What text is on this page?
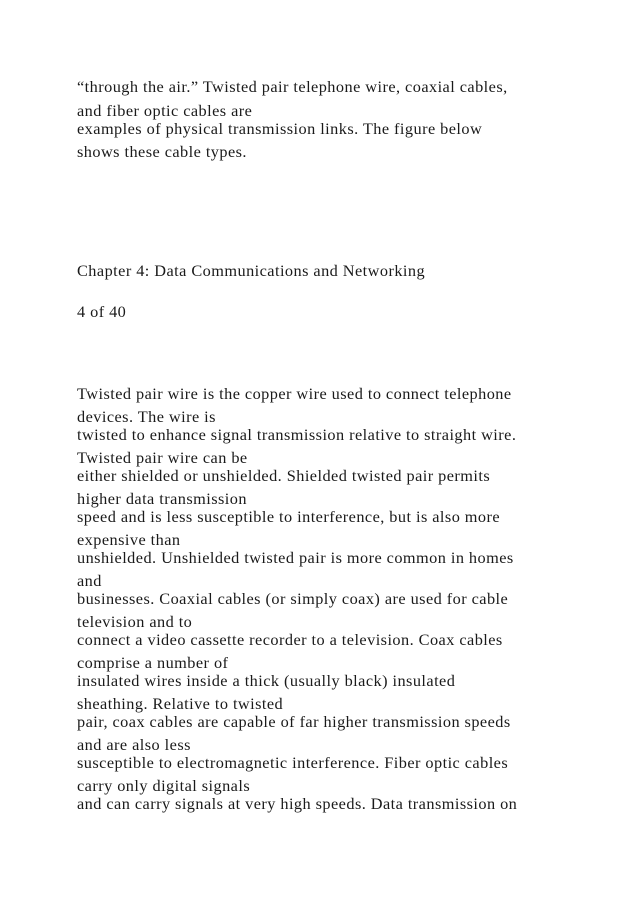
“through the air.” Twisted pair telephone wire, coaxial cables,

and fiber optic cables are

examples of physical transmission links. The figure below

shows these cable types.

Chapter 4: Data Communications and Networking

4 of 40

Twisted pair wire is the copper wire used to connect telephone

devices. The wire is

twisted to enhance signal transmission relative to straight wire.

Twisted pair wire can be

either shielded or unshielded. Shielded twisted pair permits

higher data transmission

speed and is less susceptible to interference, but is also more

expensive than

unshielded. Unshielded twisted pair is more common in homes

and

businesses. Coaxial cables (or simply coax) are used for cable

television and to

connect a video cassette recorder to a television. Coax cables

comprise a number of

insulated wires inside a thick (usually black) insulated

sheathing. Relative to twisted

pair, coax cables are capable of far higher transmission speeds

and are also less

susceptible to electromagnetic interference. Fiber optic cables

carry only digital signals

and can carry signals at very high speeds. Data transmission on
